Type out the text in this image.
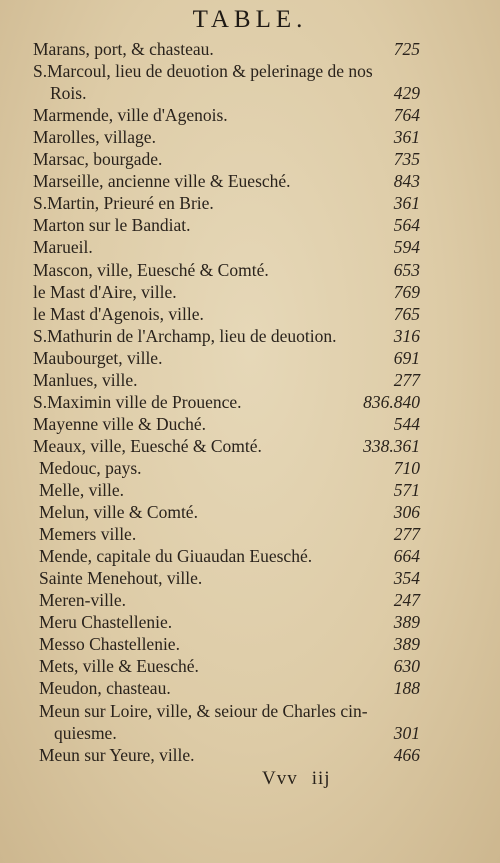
TABLE.
Marans, port, & chasteau.	725
S.Marcoul, lieu de deuotion & pelerinage de nos
Rois.	429
Marmende, ville d'Agenois.	764
Marolles, village.	361
Marsac, bourgade.	735
Marseille, ancienne ville & Euesché.	843
S.Martin, Prieuré en Brie.	361
Marton sur le Bandiat.	564
Marueil.	594
Mascon, ville, Euesché & Comté.	653
le Mast d'Aire, ville.	769
le Mast d'Agenois, ville.	765
S.Mathurin de l'Archamp, lieu de deuotion.	316
Maubourget, ville.	691
Manlues, ville.	277
S.Maximin ville de Prouence.	836.840
Mayenne ville & Duché.	544
Meaux, ville, Euesché & Comté.	338.361
Medouc, pays.	710
Melle, ville.	571
Melun, ville & Comté.	306
Memers ville.	277
Mende, capitale du Giuaudan Euesché.	664
Sainte Menehout, ville.	354
Meren-ville.	247
Meru Chastellenie.	389
Messo Chastellenie.	389
Mets, ville & Euesché.	630
Meudon, chasteau.	188
Meun sur Loire, ville, & seiour de Charles cin-
quiesme.	301
Meun sur Yeure, ville.	466
Vvv iij
